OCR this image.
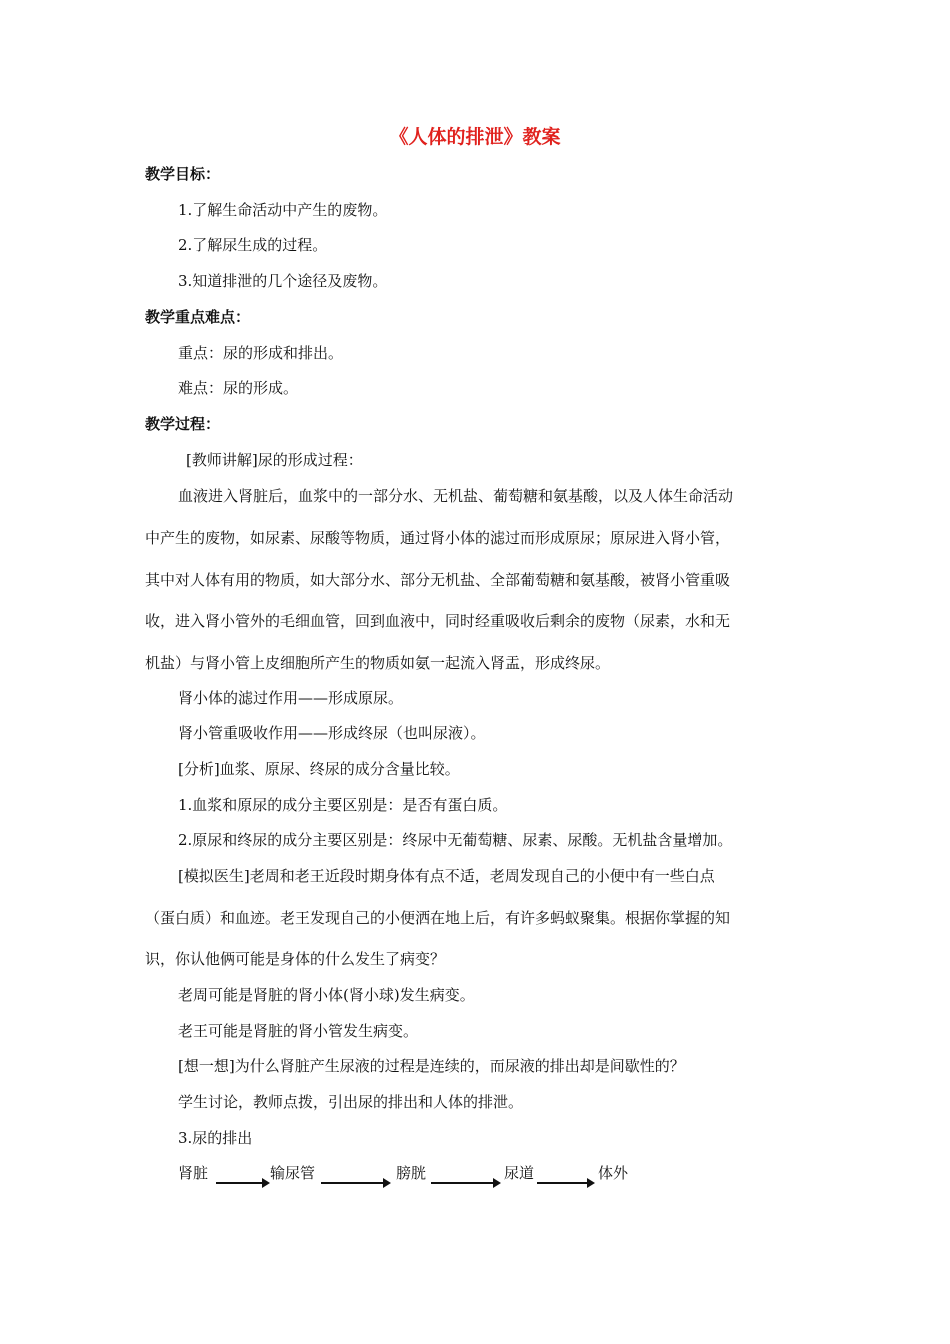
《人体的排泄》教案
教学目标：
1.了解生命活动中产生的废物。
2.了解尿生成的过程。
3.知道排泄的几个途径及废物。
教学重点难点：
重点：尿的形成和排出。
难点：尿的形成。
教学过程：
[教师讲解]尿的形成过程：
血液进入肾脏后，血浆中的一部分水、无机盐、葡萄糖和氨基酸，以及人体生命活动
中产生的废物，如尿素、尿酸等物质，通过肾小体的滤过而形成原尿；原尿进入肾小管，
其中对人体有用的物质，如大部分水、部分无机盐、全部葡萄糖和氨基酸，被肾小管重吸
收，进入肾小管外的毛细血管，回到血液中，同时经重吸收后剩余的废物（尿素，水和无
机盐）与肾小管上皮细胞所产生的物质如氨一起流入肾盂，形成终尿。
肾小体的滤过作用——形成原尿。
肾小管重吸收作用——形成终尿（也叫尿液）。
[分析]血浆、原尿、终尿的成分含量比较。
1.血浆和原尿的成分主要区别是：是否有蛋白质。
2.原尿和终尿的成分主要区别是：终尿中无葡萄糖、尿素、尿酸。无机盐含量增加。
[模拟医生]老周和老王近段时期身体有点不适，老周发现自己的小便中有一些白点
（蛋白质）和血迹。老王发现自己的小便洒在地上后，有许多蚂蚁聚集。根据你掌握的知
识，你认他俩可能是身体的什么发生了病变？
老周可能是肾脏的肾小体(肾小球)发生病变。
老王可能是肾脏的肾小管发生病变。
[想一想]为什么肾脏产生尿液的过程是连续的，而尿液的排出却是间歇性的？
学生讨论，教师点拨，引出尿的排出和人体的排泄。
3.尿的排出
肾脏	输尿管	膀胱	尿道	体外
